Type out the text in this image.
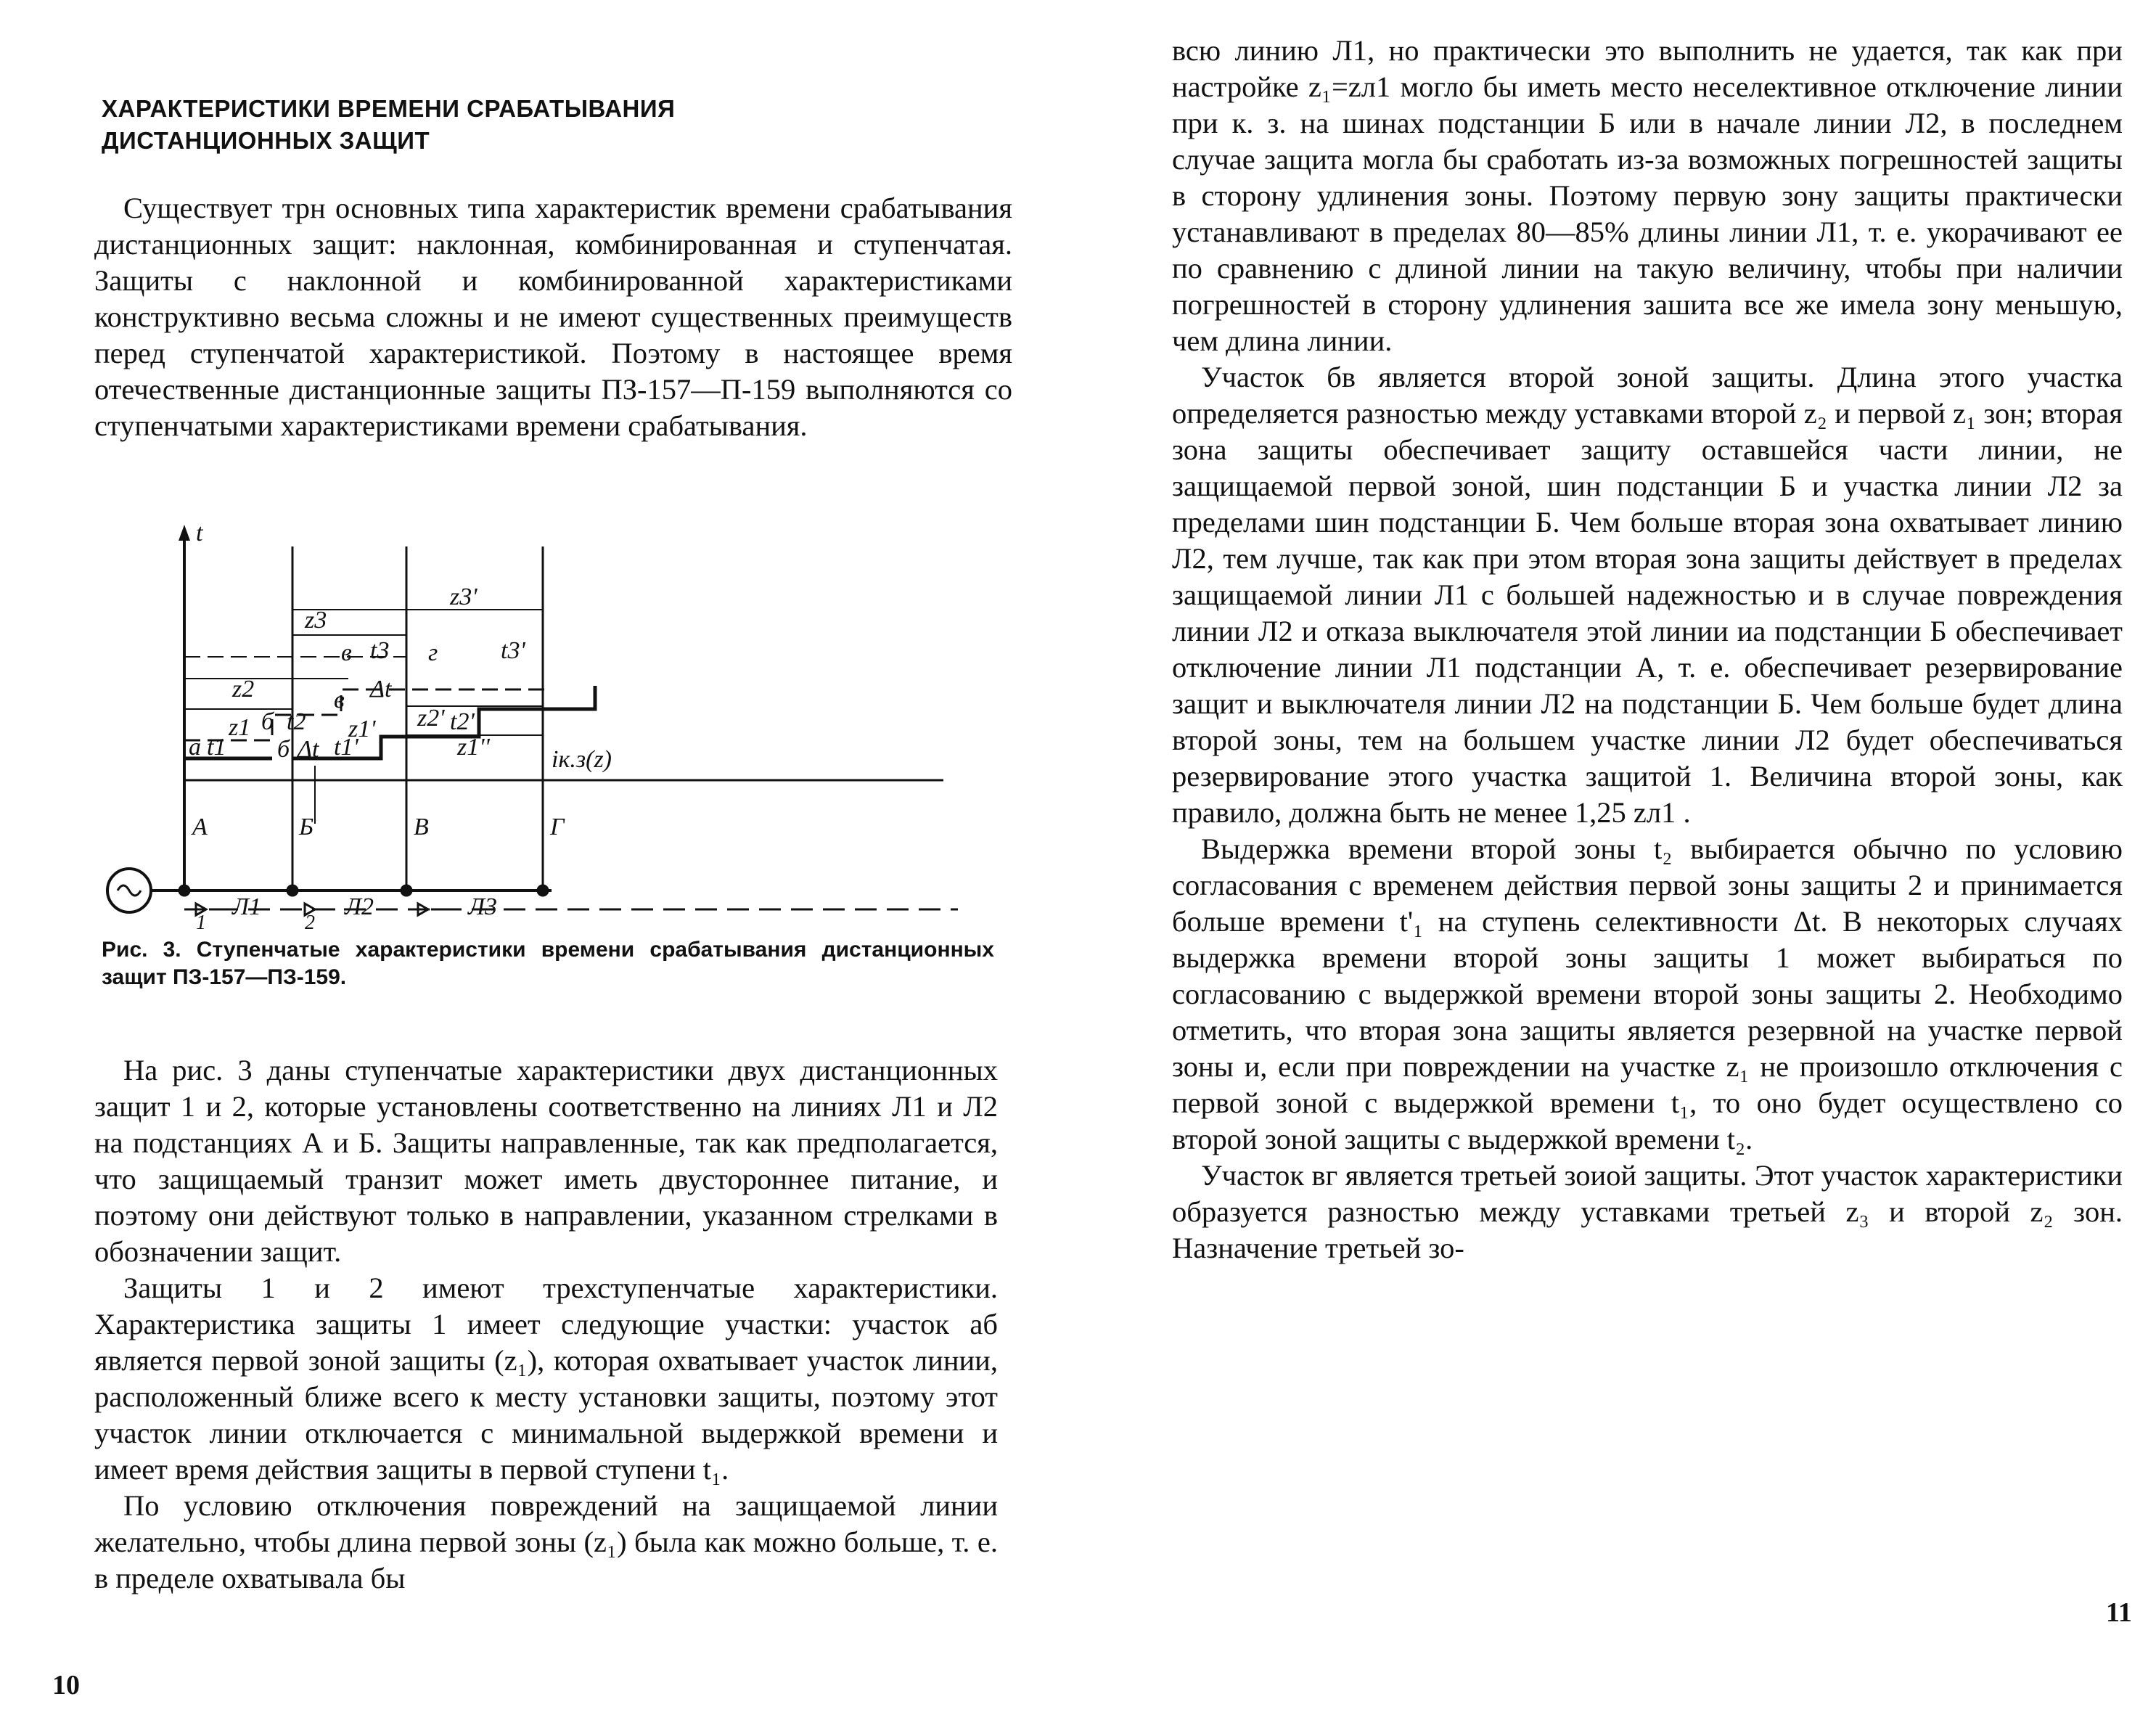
ХАРАКТЕРИСТИКИ ВРЕМЕНИ СРАБАТЫВАНИЯ
ДИСТАНЦИОННЫХ ЗАЩИТ

Существует трн основных типа характеристик времени срабатывания дистанционных защит: наклонная, комбинированная и ступенчатая. Защиты с наклонной и комбинированной характеристиками конструктивно весьма сложны и не имеют существенных преимуществ перед ступенчатой характеристикой. Поэтому в настоящее время отечественные дистанционные защиты ПЗ-157—П-159 выполняются со ступенчатыми характеристиками времени срабатывания.

t
А	Б	В	Г
Л1	Л2	Л3
1	2
а	б
б
в
в	г
z3'
z3
t3'
t3
z2
t2
Δt
z2' t2'
z1
t1	Δt t1'
z1'
z1''	iк.з(z)
Рис. 3. Ступенчатые характеристики времени срабатывания дистанционных защит ПЗ-157—ПЗ-159.

На рис. 3 даны ступенчатые характеристики двух дистанционных защит 1 и 2, которые установлены соответственно на линиях Л1 и Л2 на подстанциях А и Б. Защиты направленные, так как предполагается, что защищаемый транзит может иметь двустороннее питание, и поэтому они действуют только в направлении, указанном стрелками в обозначении защит.

Защиты 1 и 2 имеют трехступенчатые характеристики. Характеристика защиты 1 имеет следующие участки: участок аб является первой зоной защиты (z₁), которая охватывает участок линии, расположенный ближе всего к месту установки защиты, поэтому этот участок линии отключается с минимальной выдержкой времени и имеет время действия защиты в первой ступени t₁.

По условию отключения повреждений на защищаемой линии желательно, чтобы длина первой зоны (z₁) была как можно больше, т. е. в пределе охватывала бы

10

всю линию Л1, но практически это выполнить не удается, так как при настройке z₁=zл1 могло бы иметь место неселективное отключение линии при к. з. на шинах подстанции Б или в начале линии Л2, в последнем случае защита могла бы сработать из-за возможных погрешностей защиты в сторону удлинения зоны. Поэтому первую зону защиты практически устанавливают в пределах 80—85% длины линии Л1, т. е. укорачивают ее по сравнению с длиной линии на такую величину, чтобы при наличии погрешностей в сторону удлинения зашита все же имела зону меньшую, чем длина линии.

Участок бв является второй зоной защиты. Длина этого участка определяется разностью между уставками второй z₂ и первой z₁ зон; вторая зона защиты обеспечивает защиту оставшейся части линии, не защищаемой первой зоной, шин подстанции Б и участка линии Л2 за пределами шин подстанции Б. Чем больше вторая зона охватывает линию Л2, тем лучше, так как при этом вторая зона защиты действует в пределах защищаемой линии Л1 с большей надежностью и в случае повреждения линии Л2 и отказа выключателя этой линии иа подстанции Б обеспечивает отключение линии Л1 подстанции А, т. е. обеспечивает резервирование защит и выключателя линии Л2 на подстанции Б. Чем больше будет длина второй зоны, тем на большем участке линии Л2 будет обеспечиваться резервирование этого участка защитой 1. Величина второй зоны, как правило, должна быть не менее 1,25 zл1 .

Выдержка времени второй зоны t₂ выбирается обычно по условию согласования с временем действия первой зоны защиты 2 и принимается больше времени t'₁ на ступень селективности Δt. В некоторых случаях выдержка времени второй зоны защиты 1 может выбираться по согласованию с выдержкой времени второй зоны защиты 2. Необходимо отметить, что вторая зона защиты является резервной на участке первой зоны и, если при повреждении на участке z₁ не произошло отключения с первой зоной с выдержкой времени t₁, то оно будет осуществлено со второй зоной защиты с выдержкой времени t₂.

Участок вг является третьей зоиой защиты. Этот участок характеристики образуется разностью между уставками третьей z₃ и второй z₂ зон. Назначение третьей зо-

11
